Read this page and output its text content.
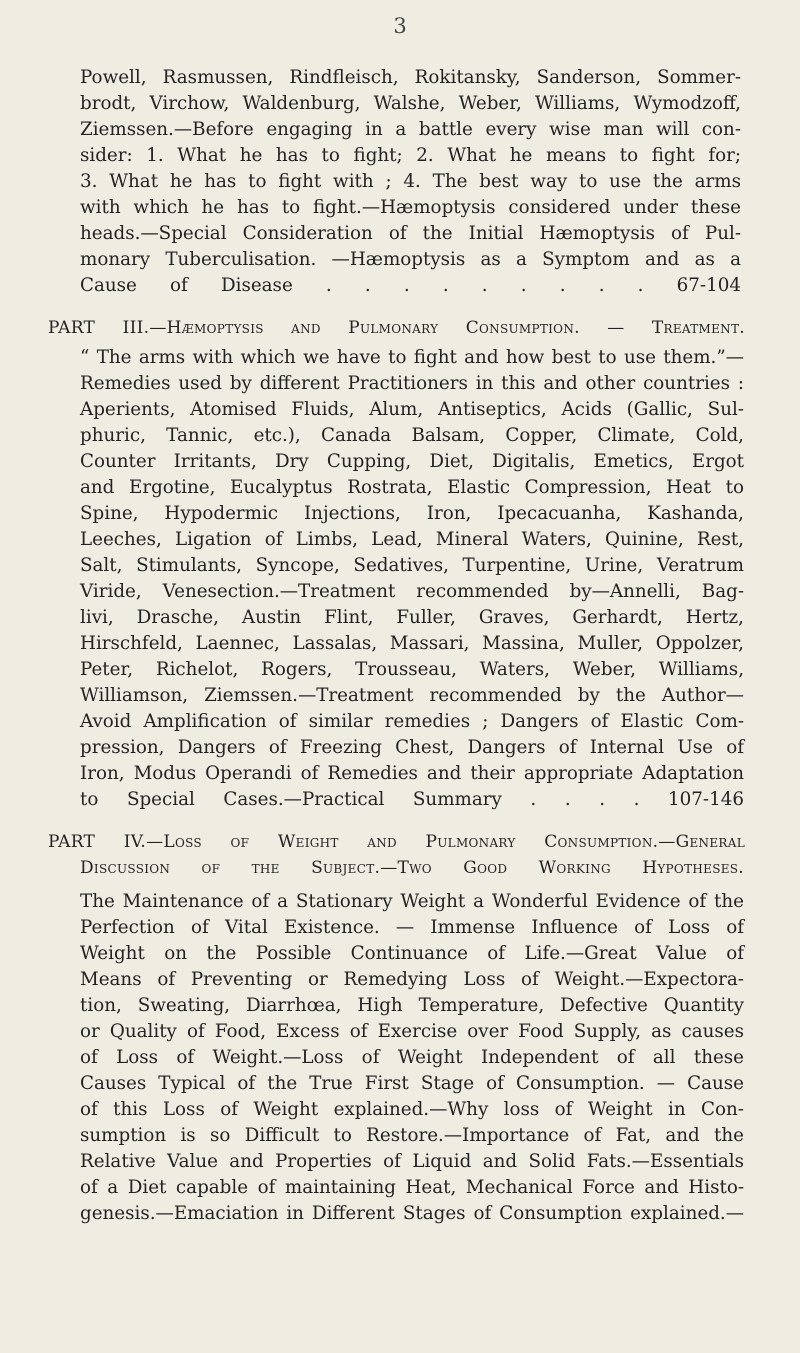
3
Powell, Rasmussen, Rindfleisch, Rokitansky, Sanderson, Sommer-
brodt, Virchow, Waldenburg, Walshe, Weber, Williams, Wymodzoff,
Ziemssen.—Before engaging in a battle every wise man will con-
sider: 1. What he has to fight; 2. What he means to fight for;
3. What he has to fight with ; 4. The best way to use the arms
with which he has to fight.—Hæmoptysis considered under these
heads.—Special Consideration of the Initial Hæmoptysis of Pul-
monary Tuberculisation. —Hæmoptysis as a Symptom and as a
Cause of Disease . . . . . . . . . 67-104
PART III.—Hæmoptysis and Pulmonary Consumption. — Treatment.
“ The arms with which we have to fight and how best to use them.”—
Remedies used by different Practitioners in this and other countries :
Aperients, Atomised Fluids, Alum, Antiseptics, Acids (Gallic, Sul-
phuric, Tannic, etc.), Canada Balsam, Copper, Climate, Cold,
Counter Irritants, Dry Cupping, Diet, Digitalis, Emetics, Ergot
and Ergotine, Eucalyptus Rostrata, Elastic Compression, Heat to
Spine, Hypodermic Injections, Iron, Ipecacuanha, Kashanda,
Leeches, Ligation of Limbs, Lead, Mineral Waters, Quinine, Rest,
Salt, Stimulants, Syncope, Sedatives, Turpentine, Urine, Veratrum
Viride, Venesection.—Treatment recommended by—Annelli, Bag-
livi, Drasche, Austin Flint, Fuller, Graves, Gerhardt, Hertz,
Hirschfeld, Laennec, Lassalas, Massari, Massina, Muller, Oppolzer,
Peter, Richelot, Rogers, Trousseau, Waters, Weber, Williams,
Williamson, Ziemssen.—Treatment recommended by the Author—
Avoid Amplification of similar remedies ; Dangers of Elastic Com-
pression, Dangers of Freezing Chest, Dangers of Internal Use of
Iron, Modus Operandi of Remedies and their appropriate Adaptation
to Special Cases.—Practical Summary . . . . 107-146
PART IV.—Loss of Weight and Pulmonary Consumption.—General
Discussion of the Subject.—Two Good Working Hypotheses.
The Maintenance of a Stationary Weight a Wonderful Evidence of the
Perfection of Vital Existence. — Immense Influence of Loss of
Weight on the Possible Continuance of Life.—Great Value of
Means of Preventing or Remedying Loss of Weight.—Expectora-
tion, Sweating, Diarrhœa, High Temperature, Defective Quantity
or Quality of Food, Excess of Exercise over Food Supply, as causes
of Loss of Weight.—Loss of Weight Independent of all these
Causes Typical of the True First Stage of Consumption. — Cause
of this Loss of Weight explained.—Why loss of Weight in Con-
sumption is so Difficult to Restore.—Importance of Fat, and the
Relative Value and Properties of Liquid and Solid Fats.—Essentials
of a Diet capable of maintaining Heat, Mechanical Force and Histo-
genesis.—Emaciation in Different Stages of Consumption explained.—
